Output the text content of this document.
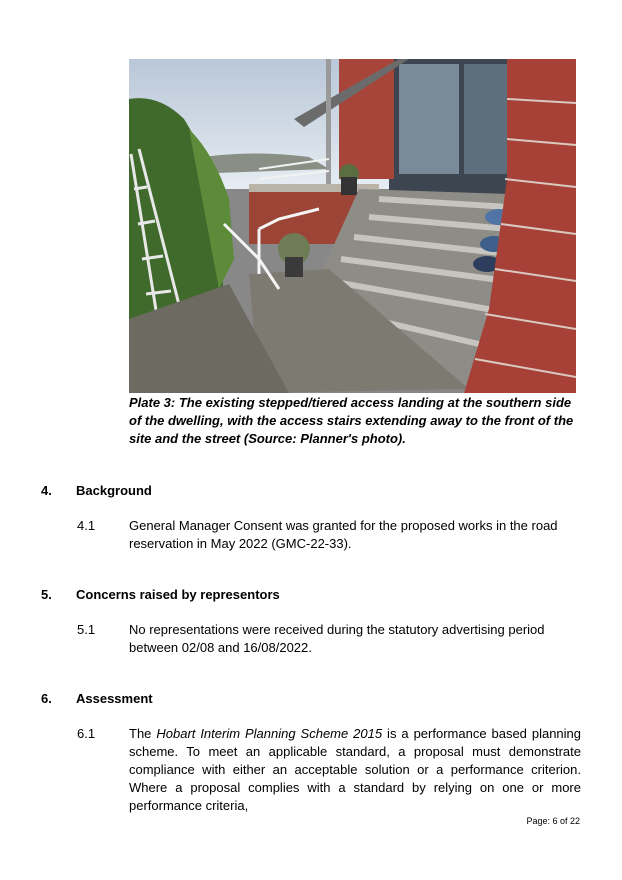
Plate 3: The existing stepped/tiered access landing at the southern side of the dwelling, with the access stairs extending away to the front of the site and the street (Source: Planner's photo).
4. Background
4.1	General Manager Consent was granted for the proposed works in the road reservation in May 2022 (GMC-22-33).
5. Concerns raised by representors
5.1	No representations were received during the statutory advertising period between 02/08 and 16/08/2022.
6. Assessment
6.1	The Hobart Interim Planning Scheme 2015 is a performance based planning scheme. To meet an applicable standard, a proposal must demonstrate compliance with either an acceptable solution or a performance criterion. Where a proposal complies with a standard by relying on one or more performance criteria,
Page: 6 of 22
